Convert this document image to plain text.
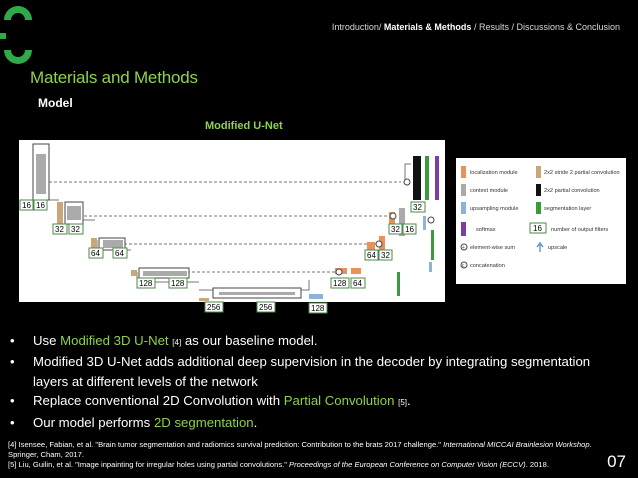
Introduction/ Materials & Methods / Results / Discussions & Conclusion
Materials and Methods
Model
Modified U-Net
16 16
32 32
64 64
128 128
256	256	128
128 64
64 32
32 16
32
localization module	2x2 stride 2 partial convolution
context module	2x2 partial convolution
upsampling module	segmentation layer
softmax	16 number of output filters
+ element-wise sum	upscale
c concatenation
•	Use Modified 3D U-Net [4] as our baseline model.
•	Modified 3D U-Net adds additional deep supervision in the decoder by integrating segmentation layers at different levels of the network
•	Replace conventional 2D Convolution with Partial Convolution [5].
•	Our model performs 2D segmentation.
[4] Isensee, Fabian, et al. "Brain tumor segmentation and radiomics survival prediction: Contribution to the brats 2017 challenge." International MICCAI Brainlesion Workshop. Springer, Cham, 2017.
[5] Liu, Guilin, et al. "Image inpainting for irregular holes using partial convolutions." Proceedings of the European Conference on Computer Vision (ECCV). 2018.	07
